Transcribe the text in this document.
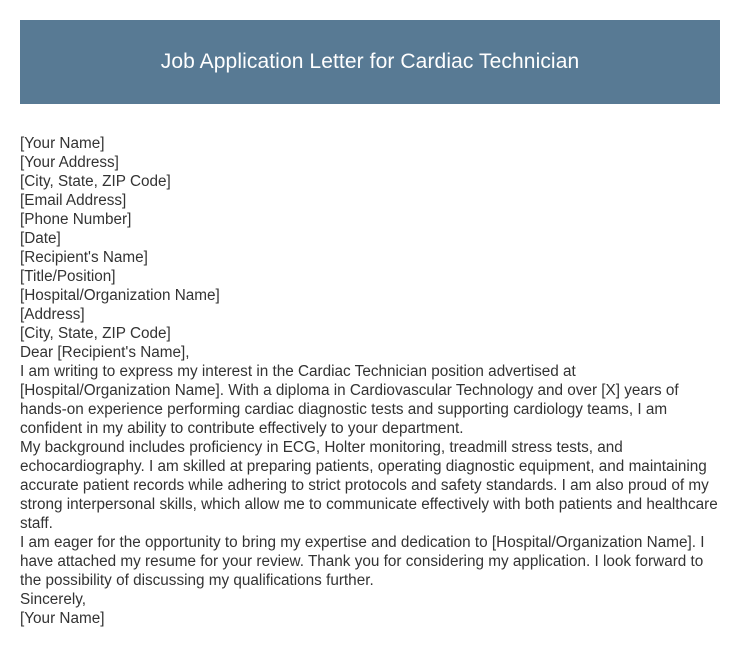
Job Application Letter for Cardiac Technician
[Your Name]
[Your Address]
[City, State, ZIP Code]
[Email Address]
[Phone Number]
[Date]
[Recipient's Name]
[Title/Position]
[Hospital/Organization Name]
[Address]
[City, State, ZIP Code]
Dear [Recipient's Name],
I am writing to express my interest in the Cardiac Technician position advertised at [Hospital/Organization Name]. With a diploma in Cardiovascular Technology and over [X] years of hands-on experience performing cardiac diagnostic tests and supporting cardiology teams, I am confident in my ability to contribute effectively to your department.
My background includes proficiency in ECG, Holter monitoring, treadmill stress tests, and echocardiography. I am skilled at preparing patients, operating diagnostic equipment, and maintaining accurate patient records while adhering to strict protocols and safety standards. I am also proud of my strong interpersonal skills, which allow me to communicate effectively with both patients and healthcare staff.
I am eager for the opportunity to bring my expertise and dedication to [Hospital/Organization Name]. I have attached my resume for your review. Thank you for considering my application. I look forward to the possibility of discussing my qualifications further.
Sincerely,
[Your Name]
